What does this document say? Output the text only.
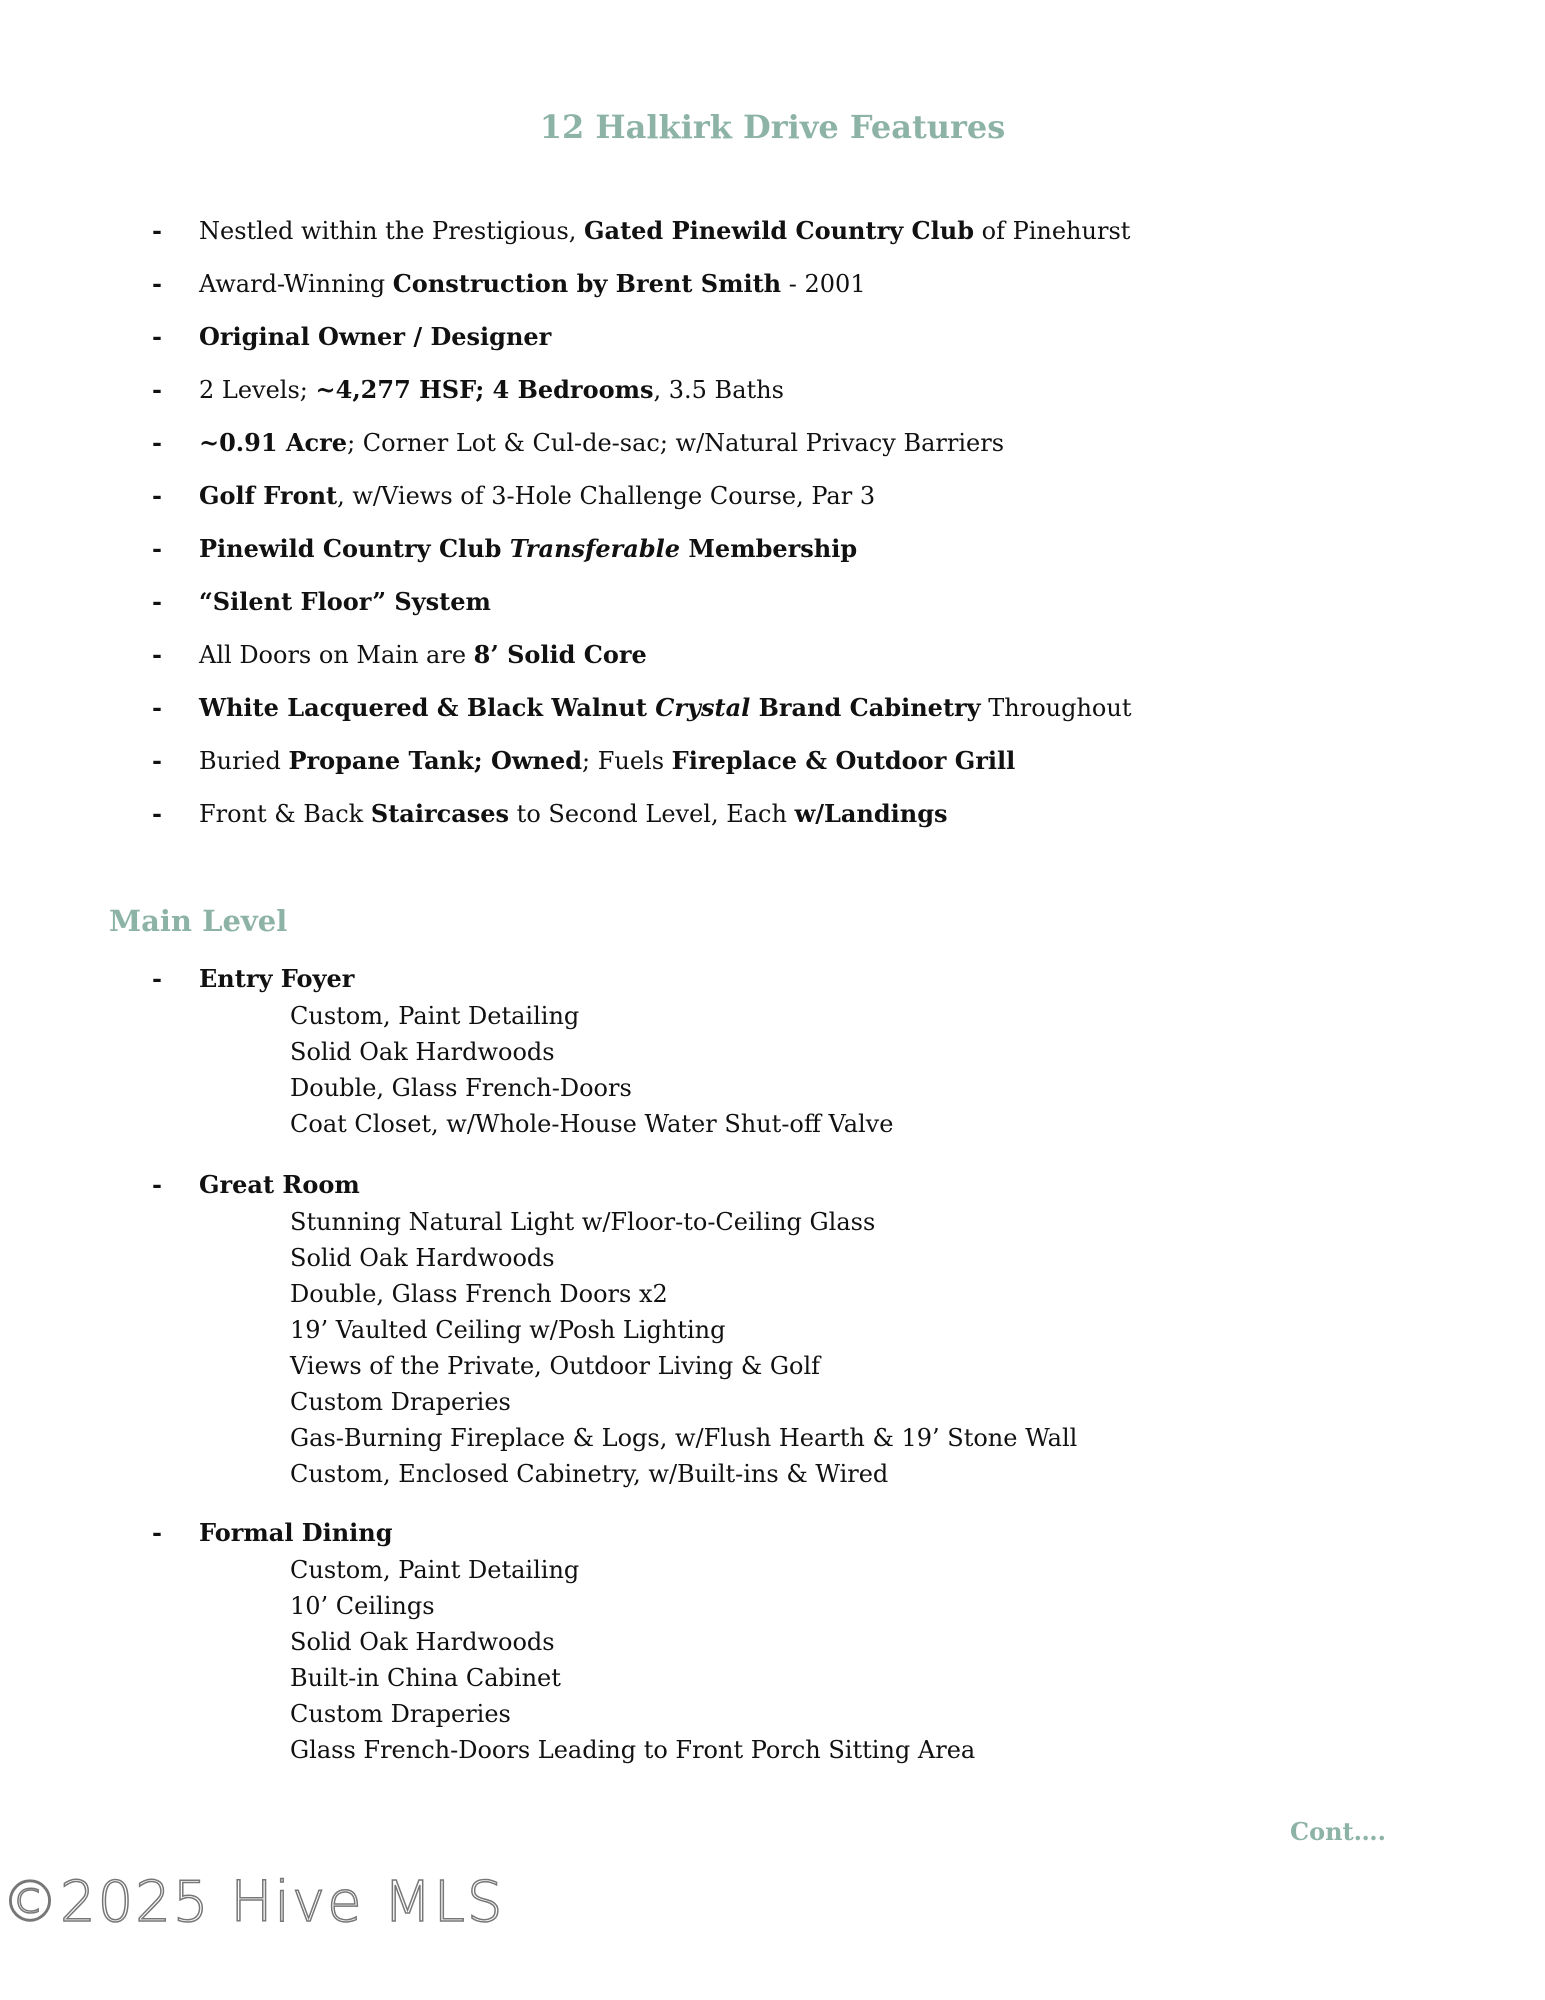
12 Halkirk Drive Features
- Nestled within the Prestigious, Gated Pinewild Country Club of Pinehurst
- Award-Winning Construction by Brent Smith - 2001
- Original Owner / Designer
- 2 Levels; ~4,277 HSF; 4 Bedrooms, 3.5 Baths
- ~0.91 Acre; Corner Lot & Cul-de-sac; w/Natural Privacy Barriers
- Golf Front, w/Views of 3-Hole Challenge Course, Par 3
- Pinewild Country Club Transferable Membership
- “Silent Floor” System
- All Doors on Main are 8’ Solid Core
- White Lacquered & Black Walnut Crystal Brand Cabinetry Throughout
- Buried Propane Tank; Owned; Fuels Fireplace & Outdoor Grill
- Front & Back Staircases to Second Level, Each w/Landings
Main Level
- Entry Foyer
Custom, Paint Detailing
Solid Oak Hardwoods
Double, Glass French-Doors
Coat Closet, w/Whole-House Water Shut-off Valve
- Great Room
Stunning Natural Light w/Floor-to-Ceiling Glass
Solid Oak Hardwoods
Double, Glass French Doors x2
19’ Vaulted Ceiling w/Posh Lighting
Views of the Private, Outdoor Living & Golf
Custom Draperies
Gas-Burning Fireplace & Logs, w/Flush Hearth & 19’ Stone Wall
Custom, Enclosed Cabinetry, w/Built-ins & Wired
- Formal Dining
Custom, Paint Detailing
10’ Ceilings
Solid Oak Hardwoods
Built-in China Cabinet
Custom Draperies
Glass French-Doors Leading to Front Porch Sitting Area
Cont….
©2025 Hive MLS
